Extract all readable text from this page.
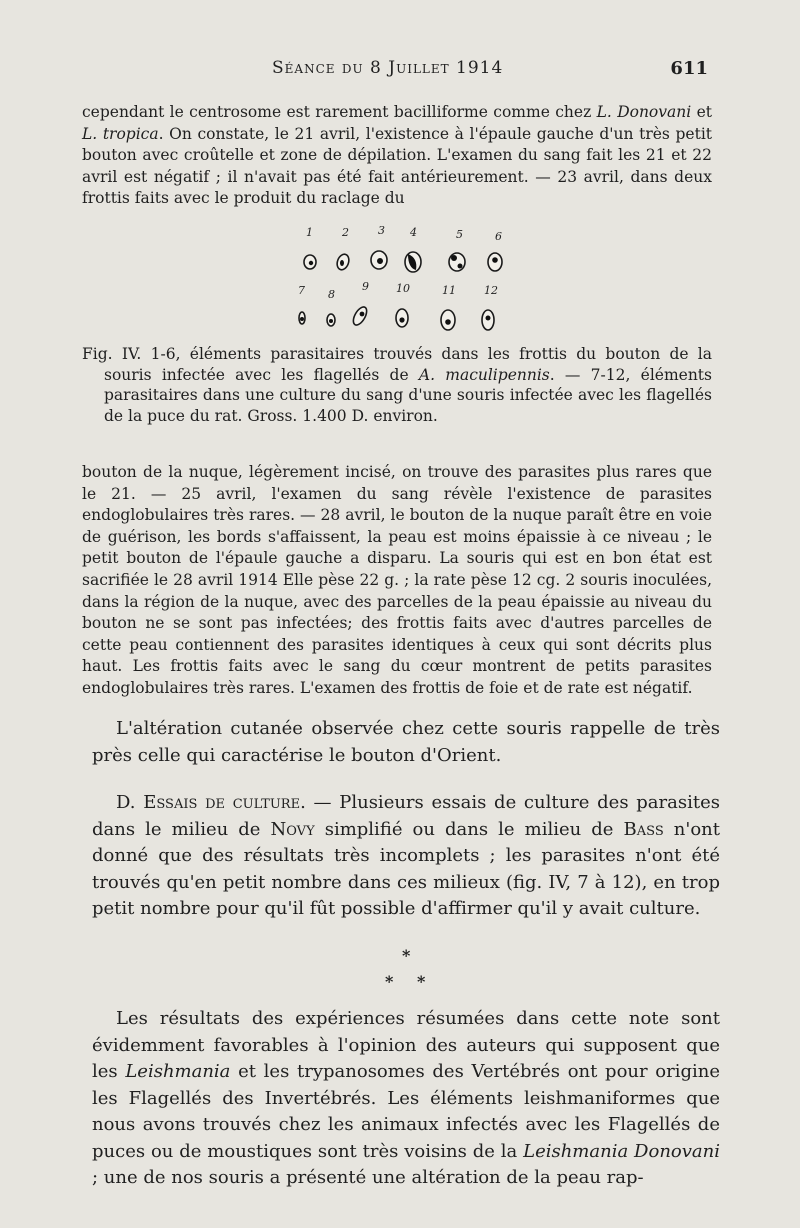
Séance du 8 Juillet 1914	611

cependant le centrosome est rarement bacilliforme comme chez L. Donovani et L. tropica. On constate, le 21 avril, l'existence à l'épaule gauche d'un très petit bouton avec croûtelle et zone de dépilation. L'examen du sang fait les 21 et 22 avril est négatif ; il n'avait pas été fait antérieurement. — 23 avril, dans deux frottis faits avec le produit du raclage du

1	2	3 4	5	6
7 8
9 10	11	12
Fig. IV. 1-6, éléments parasitaires trouvés dans les frottis du bouton de la souris infectée avec les flagellés de A. maculipennis. — 7-12, éléments parasitaires dans une culture du sang d'une souris infectée avec les flagellés de la puce du rat. Gross. 1.400 D. environ.

bouton de la nuque, légèrement incisé, on trouve des parasites plus rares que le 21. — 25 avril, l'examen du sang révèle l'existence de parasites endoglobulaires très rares. — 28 avril, le bouton de la nuque paraît être en voie de guérison, les bords s'affaissent, la peau est moins épaissie à ce niveau ; le petit bouton de l'épaule gauche a disparu. La souris qui est en bon état est sacrifiée le 28 avril 1914 Elle pèse 22 g. ; la rate pèse 12 cg. 2 souris inoculées, dans la région de la nuque, avec des parcelles de la peau épaissie au niveau du bouton ne se sont pas infectées; des frottis faits avec d'autres parcelles de cette peau contiennent des parasites identiques à ceux qui sont décrits plus haut. Les frottis faits avec le sang du cœur montrent de petits parasites endoglobulaires très rares. L'examen des frottis de foie et de rate est négatif.

L'altération cutanée observée chez cette souris rappelle de très près celle qui caractérise le bouton d'Orient.

D. Essais de culture. — Plusieurs essais de culture des parasites dans le milieu de Novy simplifié ou dans le milieu de Bass n'ont donné que des résultats très incomplets ; les parasites n'ont été trouvés qu'en petit nombre dans ces milieux (fig. IV, 7 à 12), en trop petit nombre pour qu'il fût possible d'affirmer qu'il y avait culture.

*
* *

Les résultats des expériences résumées dans cette note sont évidemment favorables à l'opinion des auteurs qui supposent que les Leishmania et les trypanosomes des Vertébrés ont pour origine les Flagellés des Invertébrés. Les éléments leishmaniformes que nous avons trouvés chez les animaux infectés avec les Flagellés de puces ou de moustiques sont très voisins de la Leishmania Donovani ; une de nos souris a présenté une altération de la peau rap-
